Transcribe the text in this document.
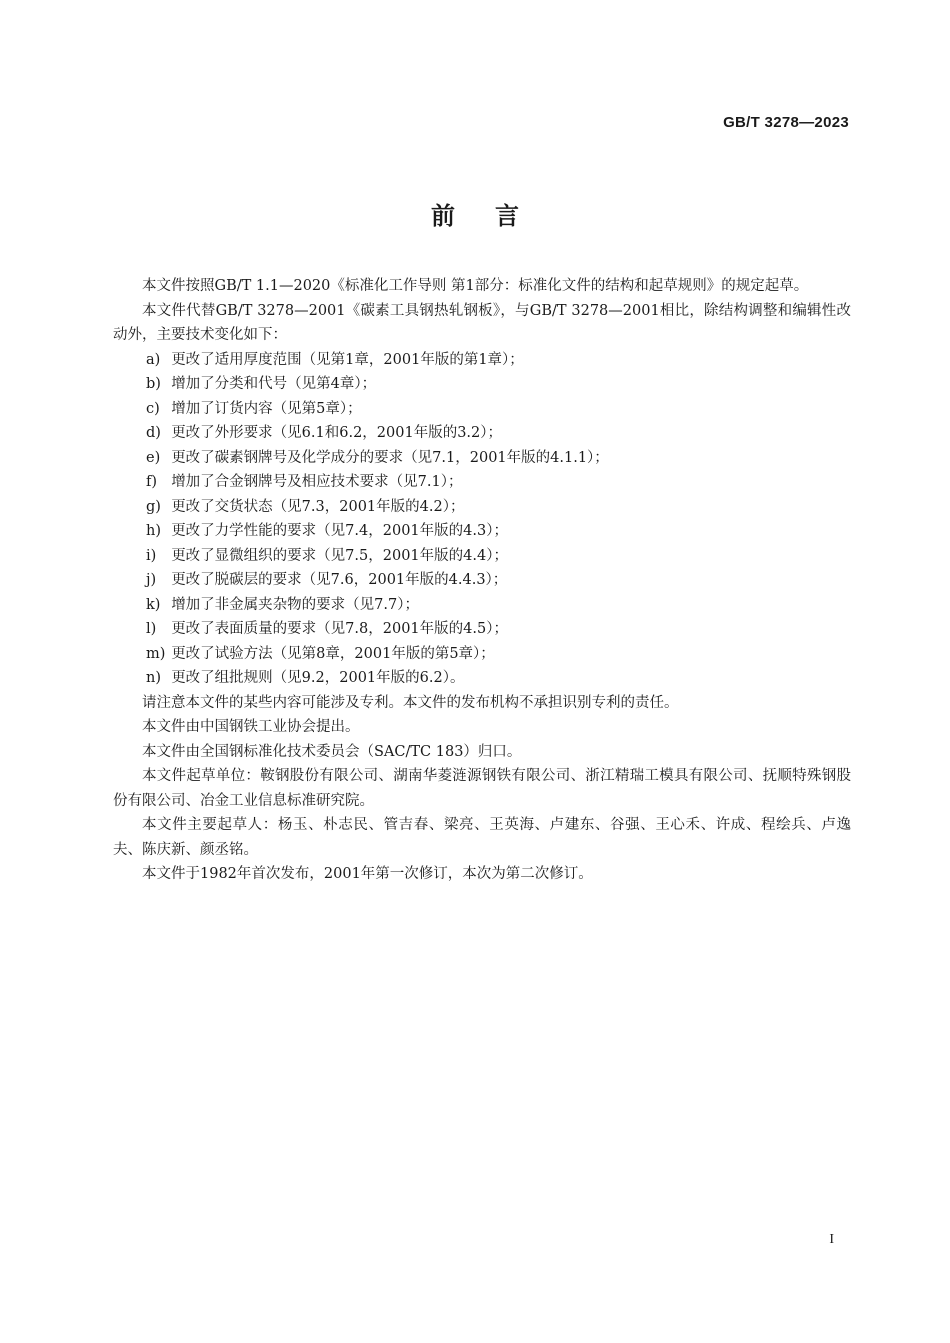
GB/T 3278—2023
前言

本文件按照GB/T 1.1—2020《标准化工作导则 第1部分：标准化文件的结构和起草规则》的规定起草。

本文件代替GB/T 3278—2001《碳素工具钢热轧钢板》，与GB/T 3278—2001相比，除结构调整和编辑性改动外，主要技术变化如下：

a) 更改了适用厚度范围（见第1章，2001年版的第1章）；
b) 增加了分类和代号（见第4章）；
c) 增加了订货内容（见第5章）；
d) 更改了外形要求（见6.1和6.2，2001年版的3.2）；
e) 更改了碳素钢牌号及化学成分的要求（见7.1，2001年版的4.1.1）；
f) 增加了合金钢牌号及相应技术要求（见7.1）；
g) 更改了交货状态（见7.3，2001年版的4.2）；
h) 更改了力学性能的要求（见7.4，2001年版的4.3）；
i) 更改了显微组织的要求（见7.5，2001年版的4.4）；
j) 更改了脱碳层的要求（见7.6，2001年版的4.4.3）；
k) 增加了非金属夹杂物的要求（见7.7）；
l) 更改了表面质量的要求（见7.8，2001年版的4.5）；
m) 更改了试验方法（见第8章，2001年版的第5章）；
n) 更改了组批规则（见9.2，2001年版的6.2）。

请注意本文件的某些内容可能涉及专利。本文件的发布机构不承担识别专利的责任。

本文件由中国钢铁工业协会提出。

本文件由全国钢标准化技术委员会（SAC/TC 183）归口。

本文件起草单位：鞍钢股份有限公司、湖南华菱涟源钢铁有限公司、浙江精瑞工模具有限公司、抚顺特殊钢股份有限公司、冶金工业信息标准研究院。

本文件主要起草人：杨玉、朴志民、管吉春、梁亮、王英海、卢建东、谷强、王心禾、许成、程绘兵、卢逸夫、陈庆新、颜丞铭。

本文件于1982年首次发布，2001年第一次修订，本次为第二次修订。

I
